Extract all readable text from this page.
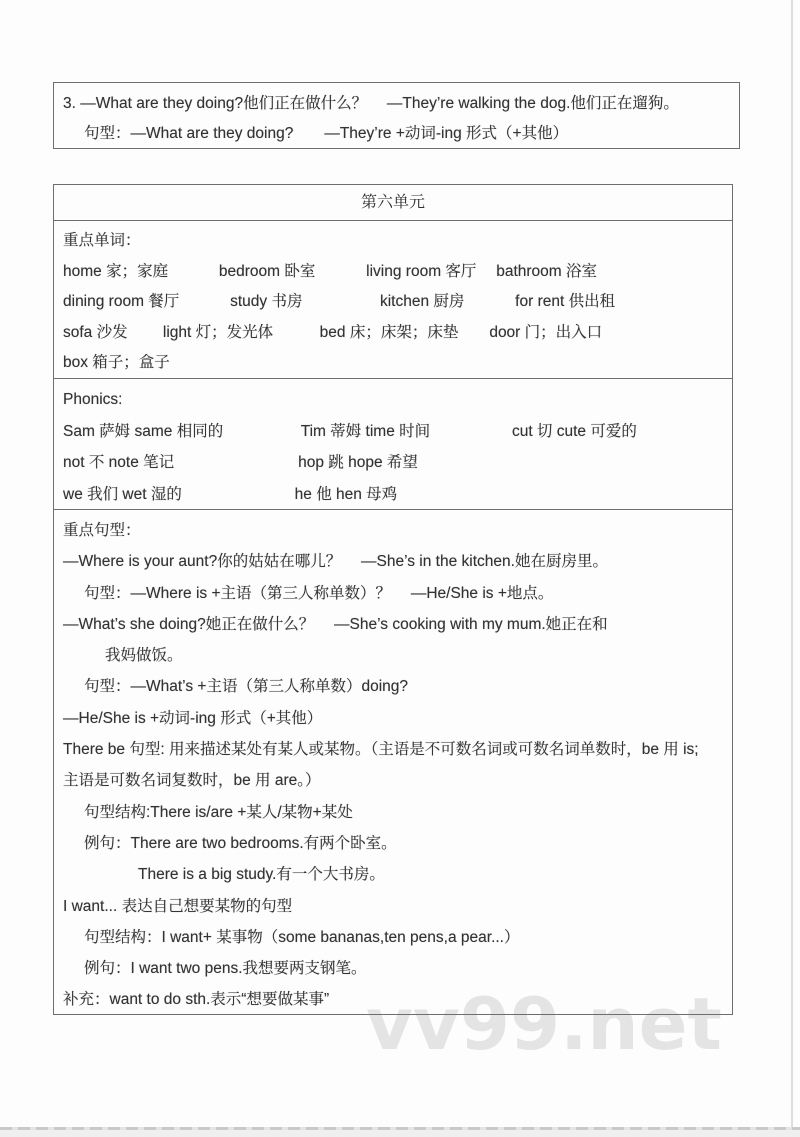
vv99.net
3. —What are they doing?他们正在做什么？　 —They’re walking the dog.他们正在遛狗。
句型：—What are they doing?　　—They’re +动词-ing 形式（+其他）
第六单元
重点单词：
home 家；家庭　　　 bedroom 卧室　　　 living room 客厅　 bathroom 浴室
dining room 餐厅　　　 study 书房　　　　　kitchen 厨房　　　 for rent 供出租
sofa 沙发　　 light 灯；发光体　　　bed 床；床架；床垫　　door 门；出入口
box 箱子；盒子
Phonics:
Sam 萨姆 same 相同的　　　　　Tim 蒂姆 time 时间　　　　　 cut 切 cute 可爱的
not 不 note 笔记　　　　　　　　hop 跳 hope 希望
we 我们 wet 湿的　　　　　　　 he 他 hen 母鸡
重点句型：
—Where is your aunt?你的姑姑在哪儿？　 —She’s in the kitchen.她在厨房里。
句型：—Where is +主语（第三人称单数）？　 —He/She is +地点。
—What’s she doing?她正在做什么？　 —She’s cooking with my mum.她正在和
我妈做饭。
句型：—What’s +主语（第三人称单数）doing?
—He/She is +动词-ing 形式（+其他）
There be 句型: 用来描述某处有某人或某物。（主语是不可数名词或可数名词单数时，be 用 is;
主语是可数名词复数时，be 用 are。）
句型结构:There is/are +某人/某物+某处
例句：There are two bedrooms.有两个卧室。
There is a big study.有一个大书房。
I want... 表达自己想要某物的句型
句型结构：I want+ 某事物（some bananas,ten pens,a pear...）
例句：I want two pens.我想要两支钢笔。
补充：want to do sth.表示“想要做某事”
